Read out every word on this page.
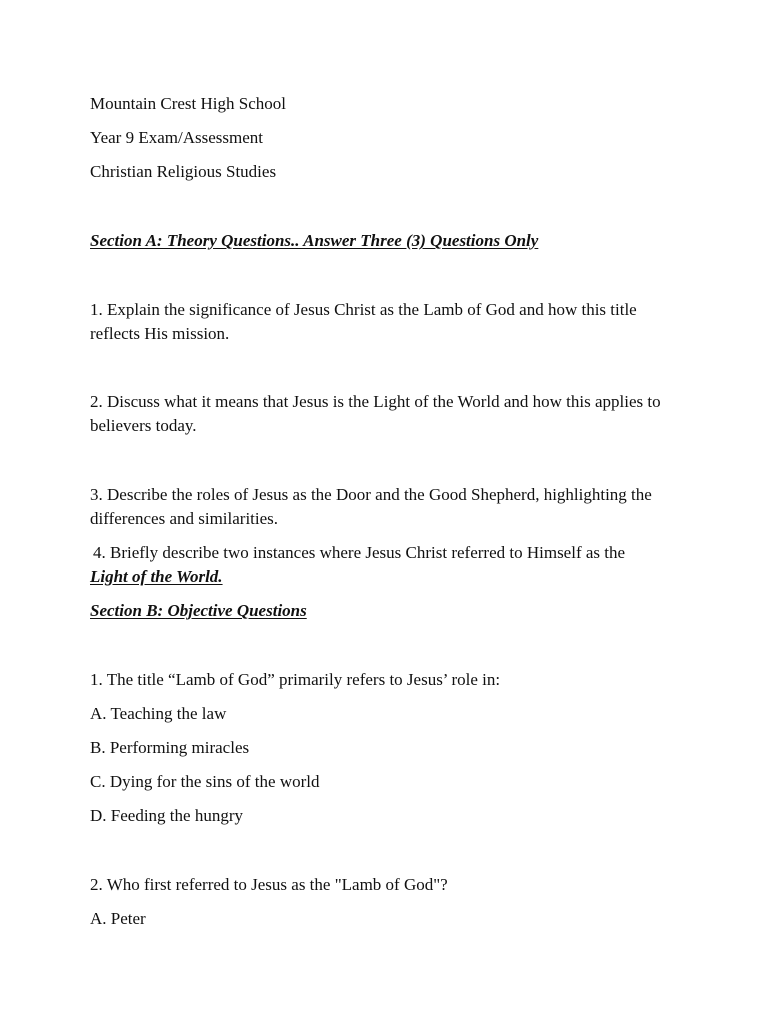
Mountain Crest High School
Year 9 Exam/Assessment
Christian Religious Studies
Section A: Theory Questions.. Answer Three (3) Questions Only
1. Explain the significance of Jesus Christ as the Lamb of God and how this title reflects His mission.
2. Discuss what it means that Jesus is the Light of the World and how this applies to believers today.
3. Describe the roles of Jesus as the Door and the Good Shepherd, highlighting the differences and similarities.
4. Briefly describe two instances where Jesus Christ referred to Himself as the
Light of the World.
Section B: Objective Questions
1. The title “Lamb of God” primarily refers to Jesus’ role in:
A. Teaching the law
B. Performing miracles
C. Dying for the sins of the world
D. Feeding the hungry
2. Who first referred to Jesus as the "Lamb of God"?
A. Peter
